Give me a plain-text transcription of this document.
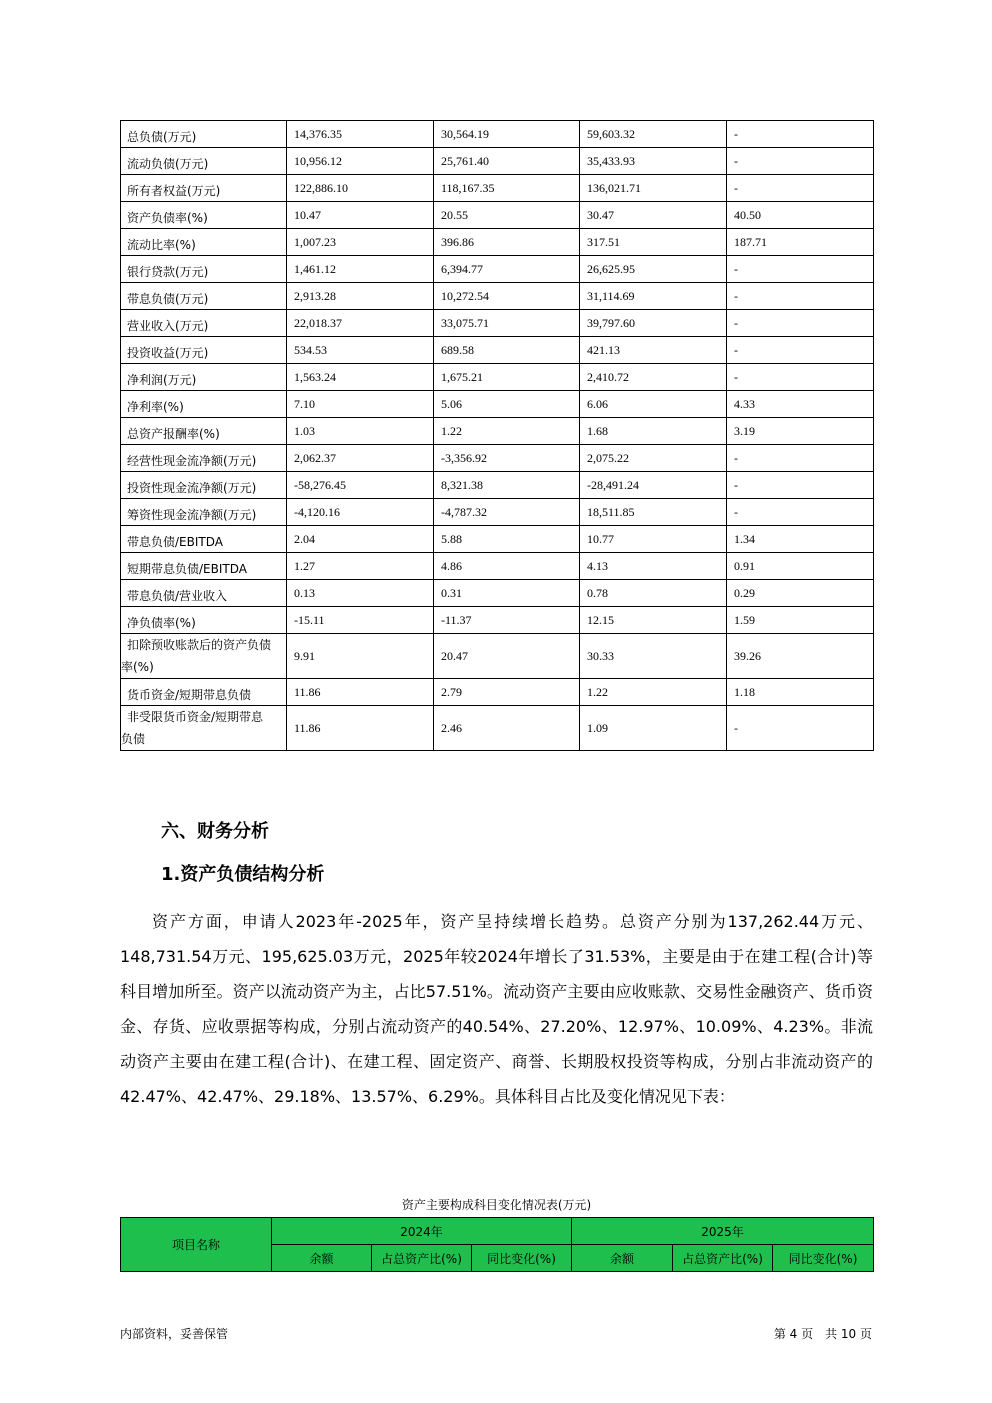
总负债(万元)	14,376.35	30,564.19	59,603.32	-
流动负债(万元)	10,956.12	25,761.40	35,433.93	-
所有者权益(万元)	122,886.10	118,167.35	136,021.71	-
资产负债率(%)	10.47	20.55	30.47	40.50
流动比率(%)	1,007.23	396.86	317.51	187.71
银行贷款(万元)	1,461.12	6,394.77	26,625.95	-
带息负债(万元)	2,913.28	10,272.54	31,114.69	-
营业收入(万元)	22,018.37	33,075.71	39,797.60	-
投资收益(万元)	534.53	689.58	421.13	-
净利润(万元)	1,563.24	1,675.21	2,410.72	-
净利率(%)	7.10	5.06	6.06	4.33
总资产报酬率(%)	1.03	1.22	1.68	3.19
经营性现金流净额(万元)	2,062.37	-3,356.92	2,075.22	-
投资性现金流净额(万元)	-58,276.45	8,321.38	-28,491.24	-
筹资性现金流净额(万元)	-4,120.16	-4,787.32	18,511.85	-
带息负债/EBITDA	2.04	5.88	10.77	1.34
短期带息负债/EBITDA	1.27	4.86	4.13	0.91
带息负债/营业收入	0.13	0.31	0.78	0.29
净负债率(%)	-15.11	-11.37	12.15	1.59

扣除预收账款后的资产负债
率(%)	9.91	20.47	30.33	39.26
货币资金/短期带息负债	11.86	2.79	1.22	1.18

非受限货币资金/短期带息
负债	11.86	2.46	1.09	-
六、财务分析
1.资产负债结构分析

资产方面，申请人2023年-2025年，资产呈持续增长趋势。总资产分别为137,262.44万元、148,731.54万元、195,625.03万元，2025年较2024年增长了31.53%，主要是由于在建工程(合计)等科目增加所至。资产以流动资产为主，占比57.51%。流动资产主要由应收账款、交易性金融资产、货币资金、存货、应收票据等构成，分别占流动资产的40.54%、27.20%、12.97%、10.09%、4.23%。非流动资产主要由在建工程(合计)、在建工程、固定资产、商誉、长期股权投资等构成，分别占非流动资产的42.47%、42.47%、29.18%、13.57%、6.29%。具体科目占比及变化情况见下表：

资产主要构成科目变化情况表(万元)
项目名称	2024年			2025年		
	余额	占总资产比(%)	同比变化(%)	余额	占总资产比(%)	同比变化(%)
内部资料，妥善保管	第 4 页　共 10 页
